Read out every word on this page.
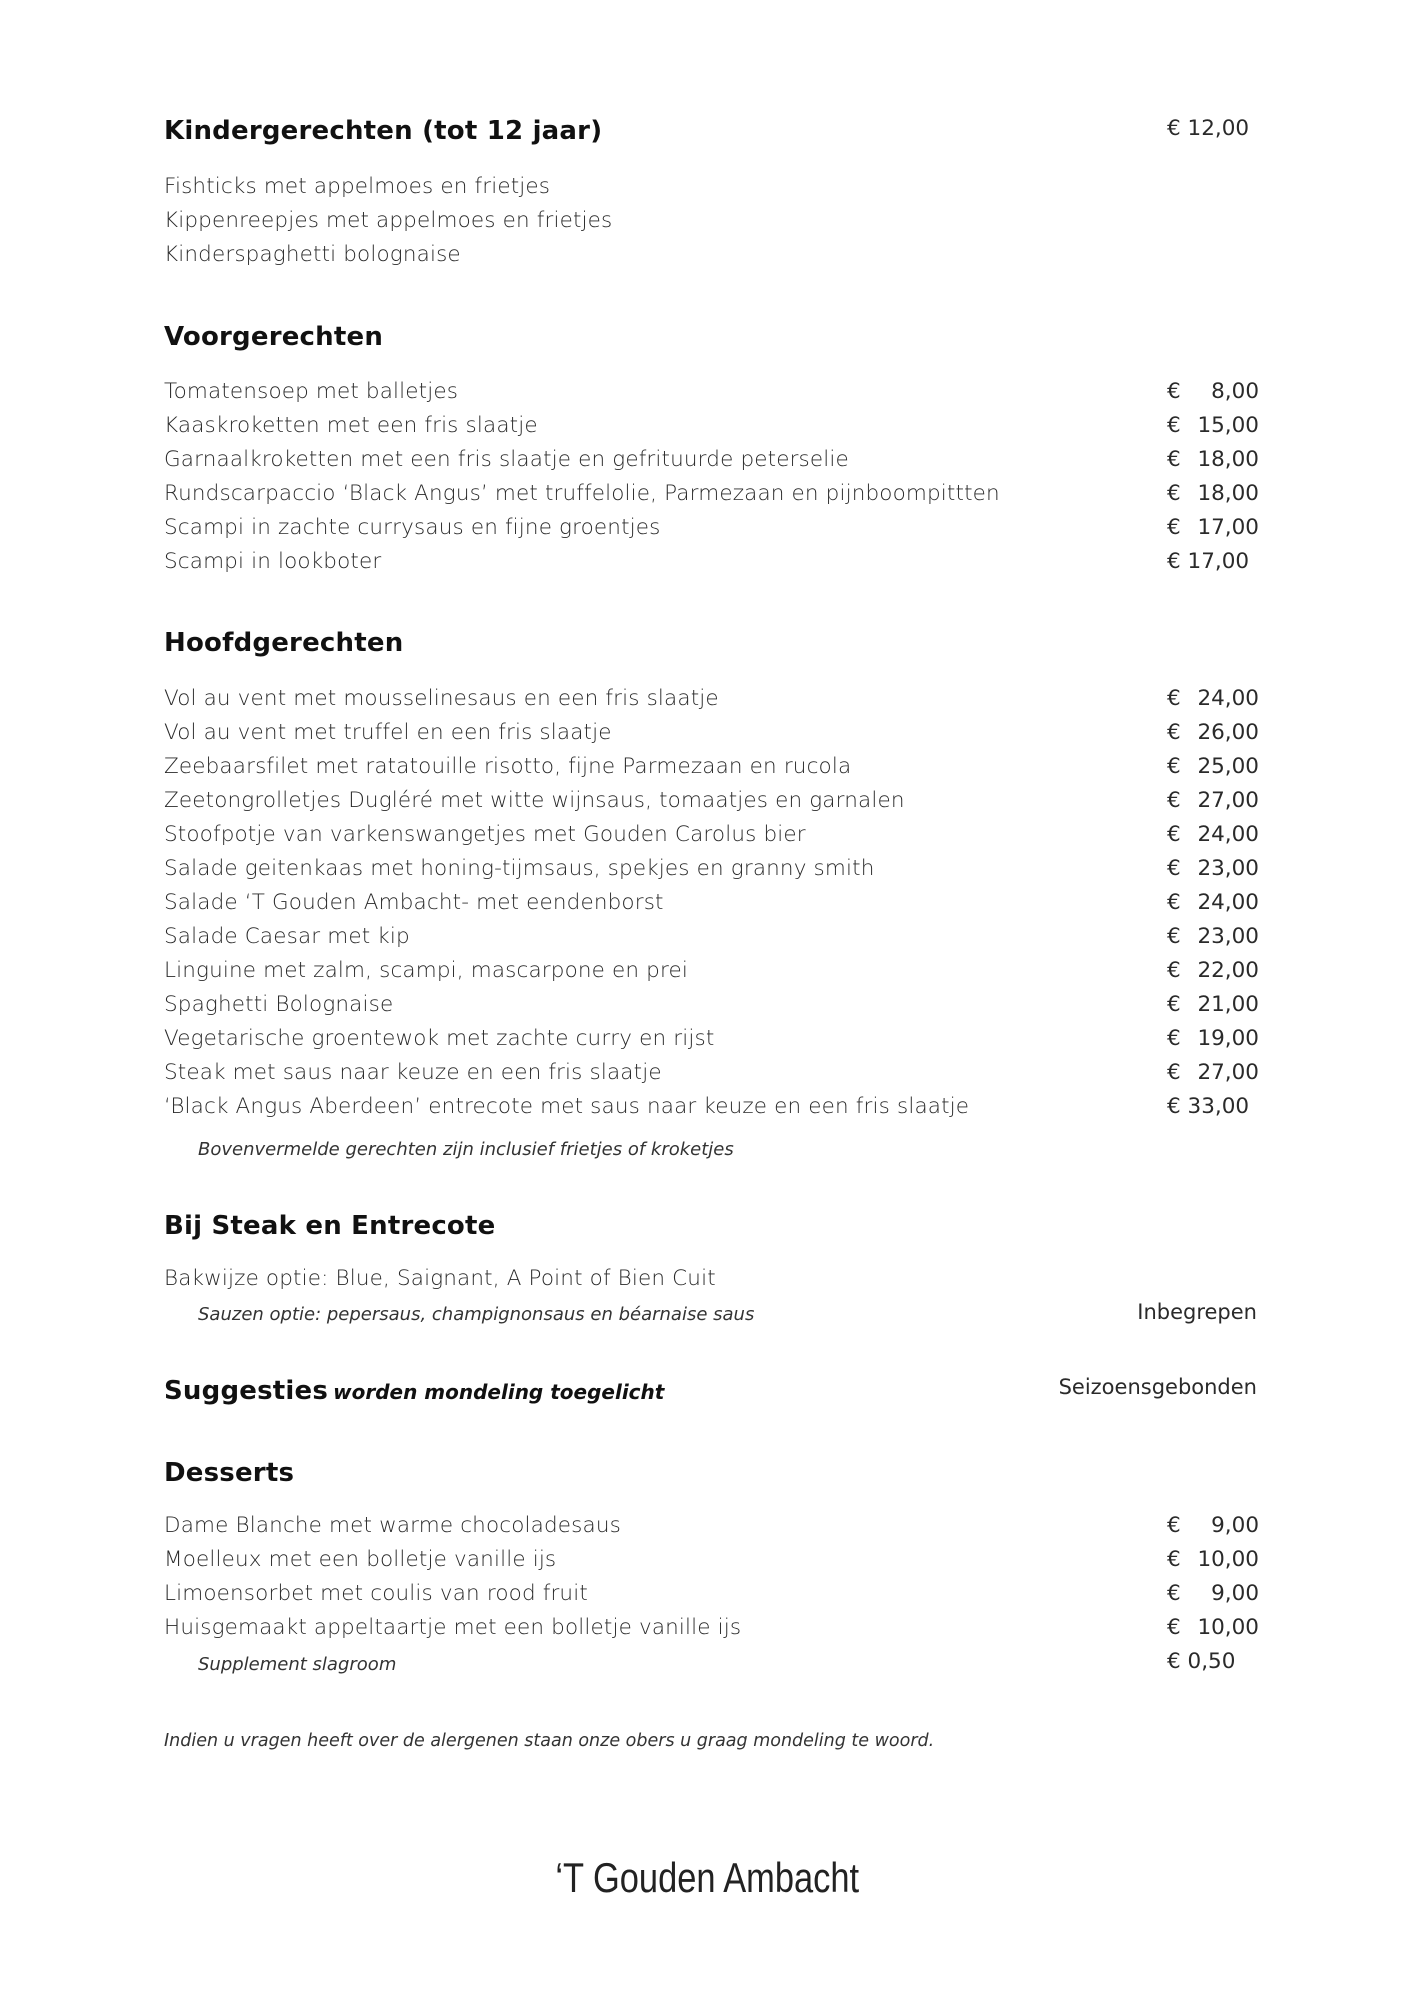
Kindergerechten (tot 12 jaar)	€ 12,00
Fishticks met appelmoes en frietjes
Kippenreepjes met appelmoes en frietjes
Kinderspaghetti bolognaise
Voorgerechten
Tomatensoep met balletjes	€ 8,00
Kaaskroketten met een fris slaatje	€ 15,00
Garnaalkroketten met een fris slaatje en gefrituurde peterselie	€ 18,00
Rundscarpaccio ‘Black Angus’ met truffelolie, Parmezaan en pijnboompittten	€ 18,00
Scampi in zachte currysaus en fijne groentjes	€ 17,00
Scampi in lookboter	€ 17,00
Hoofdgerechten
Vol au vent met mousselinesaus en een fris slaatje	€ 24,00
Vol au vent met truffel en een fris slaatje	€ 26,00
Zeebaarsfilet met ratatouille risotto, fijne Parmezaan en rucola	€ 25,00
Zeetongrolletjes Dugléré met witte wijnsaus, tomaatjes en garnalen	€ 27,00
Stoofpotje van varkenswangetjes met Gouden Carolus bier	€ 24,00
Salade geitenkaas met honing-tijmsaus, spekjes en granny smith	€ 23,00
Salade ‘T Gouden Ambacht- met eendenborst	€ 24,00
Salade Caesar met kip	€ 23,00
Linguine met zalm, scampi, mascarpone en prei	€ 22,00
Spaghetti Bolognaise	€ 21,00
Vegetarische groentewok met zachte curry en rijst	€ 19,00
Steak met saus naar keuze en een fris slaatje	€ 27,00
‘Black Angus Aberdeen’ entrecote met saus naar keuze en een fris slaatje	€ 33,00
Bovenvermelde gerechten zijn inclusief frietjes of kroketjes
Bij Steak en Entrecote
Bakwijze optie: Blue, Saignant, A Point of Bien Cuit
Sauzen optie: pepersaus, champignonsaus en béarnaise saus	Inbegrepen
Suggesties worden mondeling toegelicht	Seizoensgebonden
Desserts
Dame Blanche met warme chocoladesaus	€ 9,00
Moelleux met een bolletje vanille ijs	€ 10,00
Limoensorbet met coulis van rood fruit	€ 9,00
Huisgemaakt appeltaartje met een bolletje vanille ijs	€ 10,00
Supplement slagroom	€ 0,50
Indien u vragen heeft over de alergenen staan onze obers u graag mondeling te woord.
‘T Gouden Ambacht
